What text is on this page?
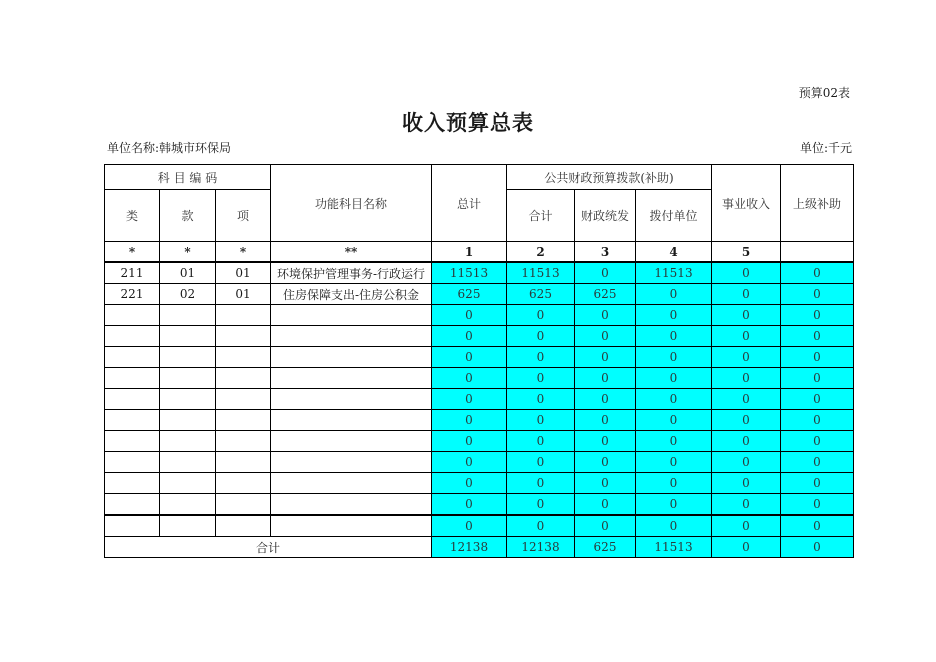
预算02表
收入预算总表
单位名称:韩城市环保局	单位:千元
科 目 编 码			功能科目名称	总计	公共财政预算拨款(补助)			事业收入	上级补助
类	款	项			合计	财政统发	拨付单位		
*	*	*	**	1	2	3	4	5	
211	01	01	环境保护管理事务-行政运行	11513	11513	0	11513	0	0
221	02	01	住房保障支出-住房公积金	625	625	625	0	0	0
				0	0	0	0	0	0
				0	0	0	0	0	0
				0	0	0	0	0	0
				0	0	0	0	0	0
				0	0	0	0	0	0
				0	0	0	0	0	0
				0	0	0	0	0	0
				0	0	0	0	0	0
				0	0	0	0	0	0
				0	0	0	0	0	0
				0	0	0	0	0	0
合计				12138	12138	625	11513	0	0
